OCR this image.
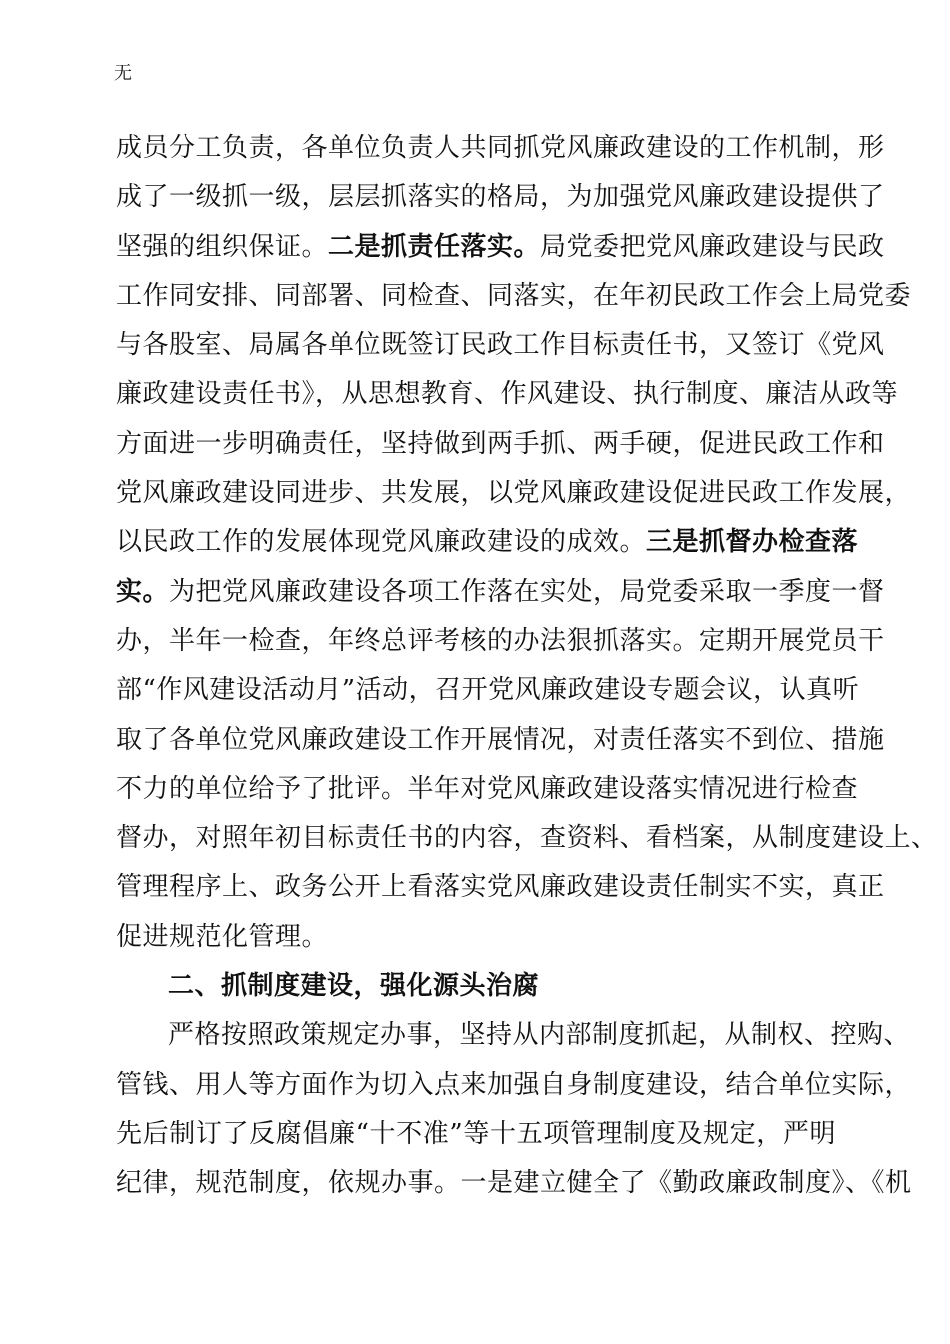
无
成员分工负责，各单位负责人共同抓党风廉政建设的工作机制，形
成了一级抓一级，层层抓落实的格局，为加强党风廉政建设提供了
坚强的组织保证。二是抓责任落实。局党委把党风廉政建设与民政
工作同安排、同部署、同检查、同落实，在年初民政工作会上局党委
与各股室、局属各单位既签订民政工作目标责任书，又签订《党风
廉政建设责任书》，从思想教育、作风建设、执行制度、廉洁从政等
方面进一步明确责任，坚持做到两手抓、两手硬，促进民政工作和
党风廉政建设同进步、共发展，以党风廉政建设促进民政工作发展，
以民政工作的发展体现党风廉政建设的成效。三是抓督办检查落
实。为把党风廉政建设各项工作落在实处，局党委采取一季度一督
办，半年一检查，年终总评考核的办法狠抓落实。定期开展党员干
部“作风建设活动月”活动，召开党风廉政建设专题会议，认真听
取了各单位党风廉政建设工作开展情况，对责任落实不到位、措施
不力的单位给予了批评。半年对党风廉政建设落实情况进行检查
督办，对照年初目标责任书的内容，查资料、看档案，从制度建设上、
管理程序上、政务公开上看落实党风廉政建设责任制实不实，真正
促进规范化管理。
二、抓制度建设，强化源头治腐
严格按照政策规定办事，坚持从内部制度抓起，从制权、控购、
管钱、用人等方面作为切入点来加强自身制度建设，结合单位实际，
先后制订了反腐倡廉“十不准”等十五项管理制度及规定，严明
纪律，规范制度，依规办事。一是建立健全了《勤政廉政制度》、《机
